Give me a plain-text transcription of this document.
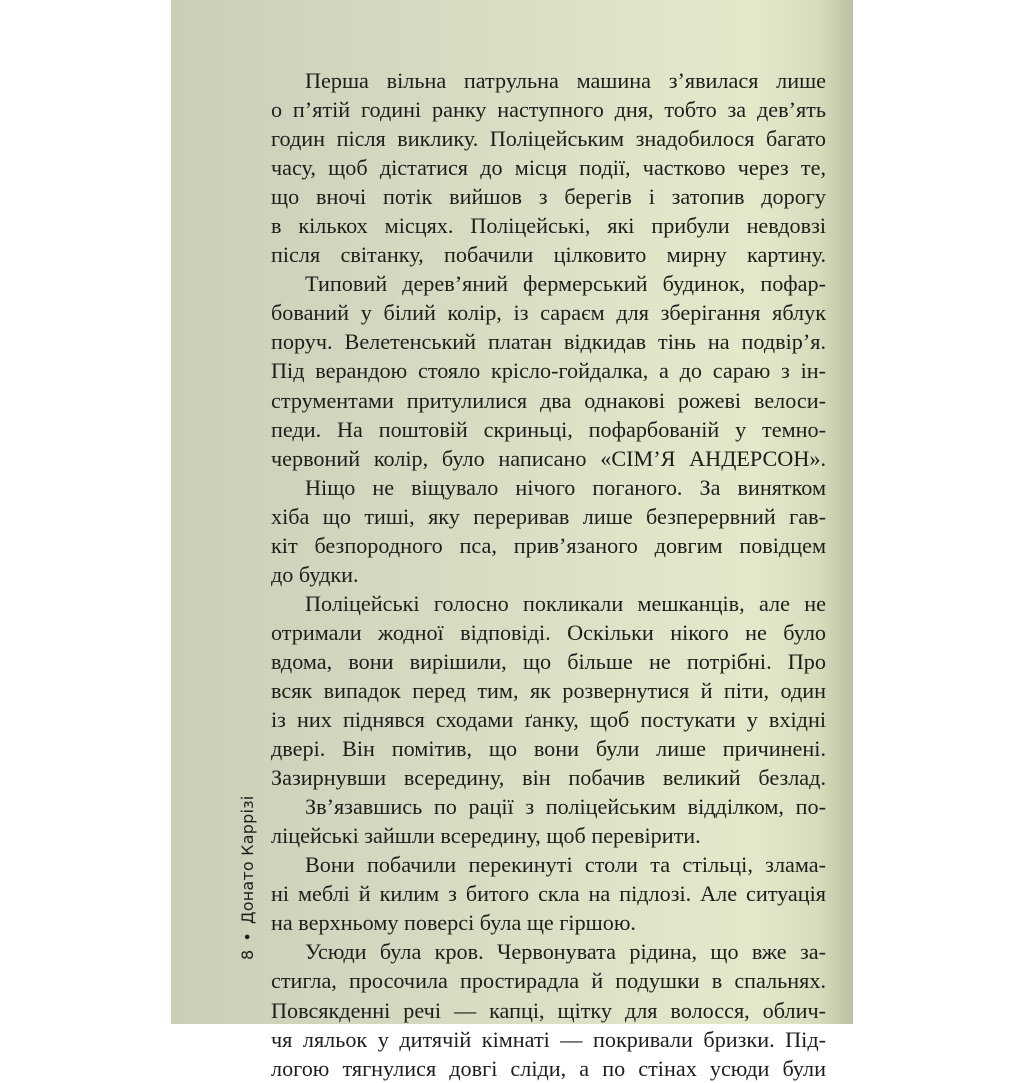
Перша вільна патрульна машина з’явилася лише
о п’ятій годині ранку наступного дня, тобто за дев’ять
годин після виклику. Поліцейським знадобилося багато
часу, щоб дістатися до місця події, частково через те,
що вночі потік вийшов з берегів і затопив дорогу
в кількох місцях. Поліцейські, які прибули невдовзі
після світанку, побачили цілковито мирну картину.
Типовий дерев’яний фермерський будинок, пофар-
бований у білий колір, із сараєм для зберігання яблук
поруч. Велетенський платан відкидав тінь на подвір’я.
Під верандою стояло крісло-гойдалка, а до сараю з ін-
струментами притулилися два однакові рожеві велоси-
педи. На поштовій скриньці, пофарбованій у темно-
червоний колір, було написано «СІМ’Я АНДЕРСОН».
Ніщо не віщувало нічого поганого. За винятком
хіба що тиші, яку переривав лише безперервний гав-
кіт безпородного пса, прив’язаного довгим повідцем
до будки.
Поліцейські голосно покликали мешканців, але не
отримали жодної відповіді. Оскільки нікого не було
вдома, вони вирішили, що більше не потрібні. Про
всяк випадок перед тим, як розвернутися й піти, один
із них піднявся сходами ґанку, щоб постукати у вхідні
двері. Він помітив, що вони були лише причинені.
Зазирнувши всередину, він побачив великий безлад.
Зв’язавшись по рації з поліцейським відділком, по-
ліцейські зайшли всередину, щоб перевірити.
Вони побачили перекинуті столи та стільці, злама-
ні меблі й килим з битого скла на підлозі. Але ситуація
на верхньому поверсі була ще гіршою.
Усюди була кров. Червонувата рідина, що вже за-
стигла, просочила простирадла й подушки в спальнях.
Повсякденні речі — капці, щітку для волосся, облич-
чя ляльок у дитячій кімнаті — покривали бризки. Під-
логою тягнулися довгі сліди, а по стінах усюди були
8•Донато Каррізі
